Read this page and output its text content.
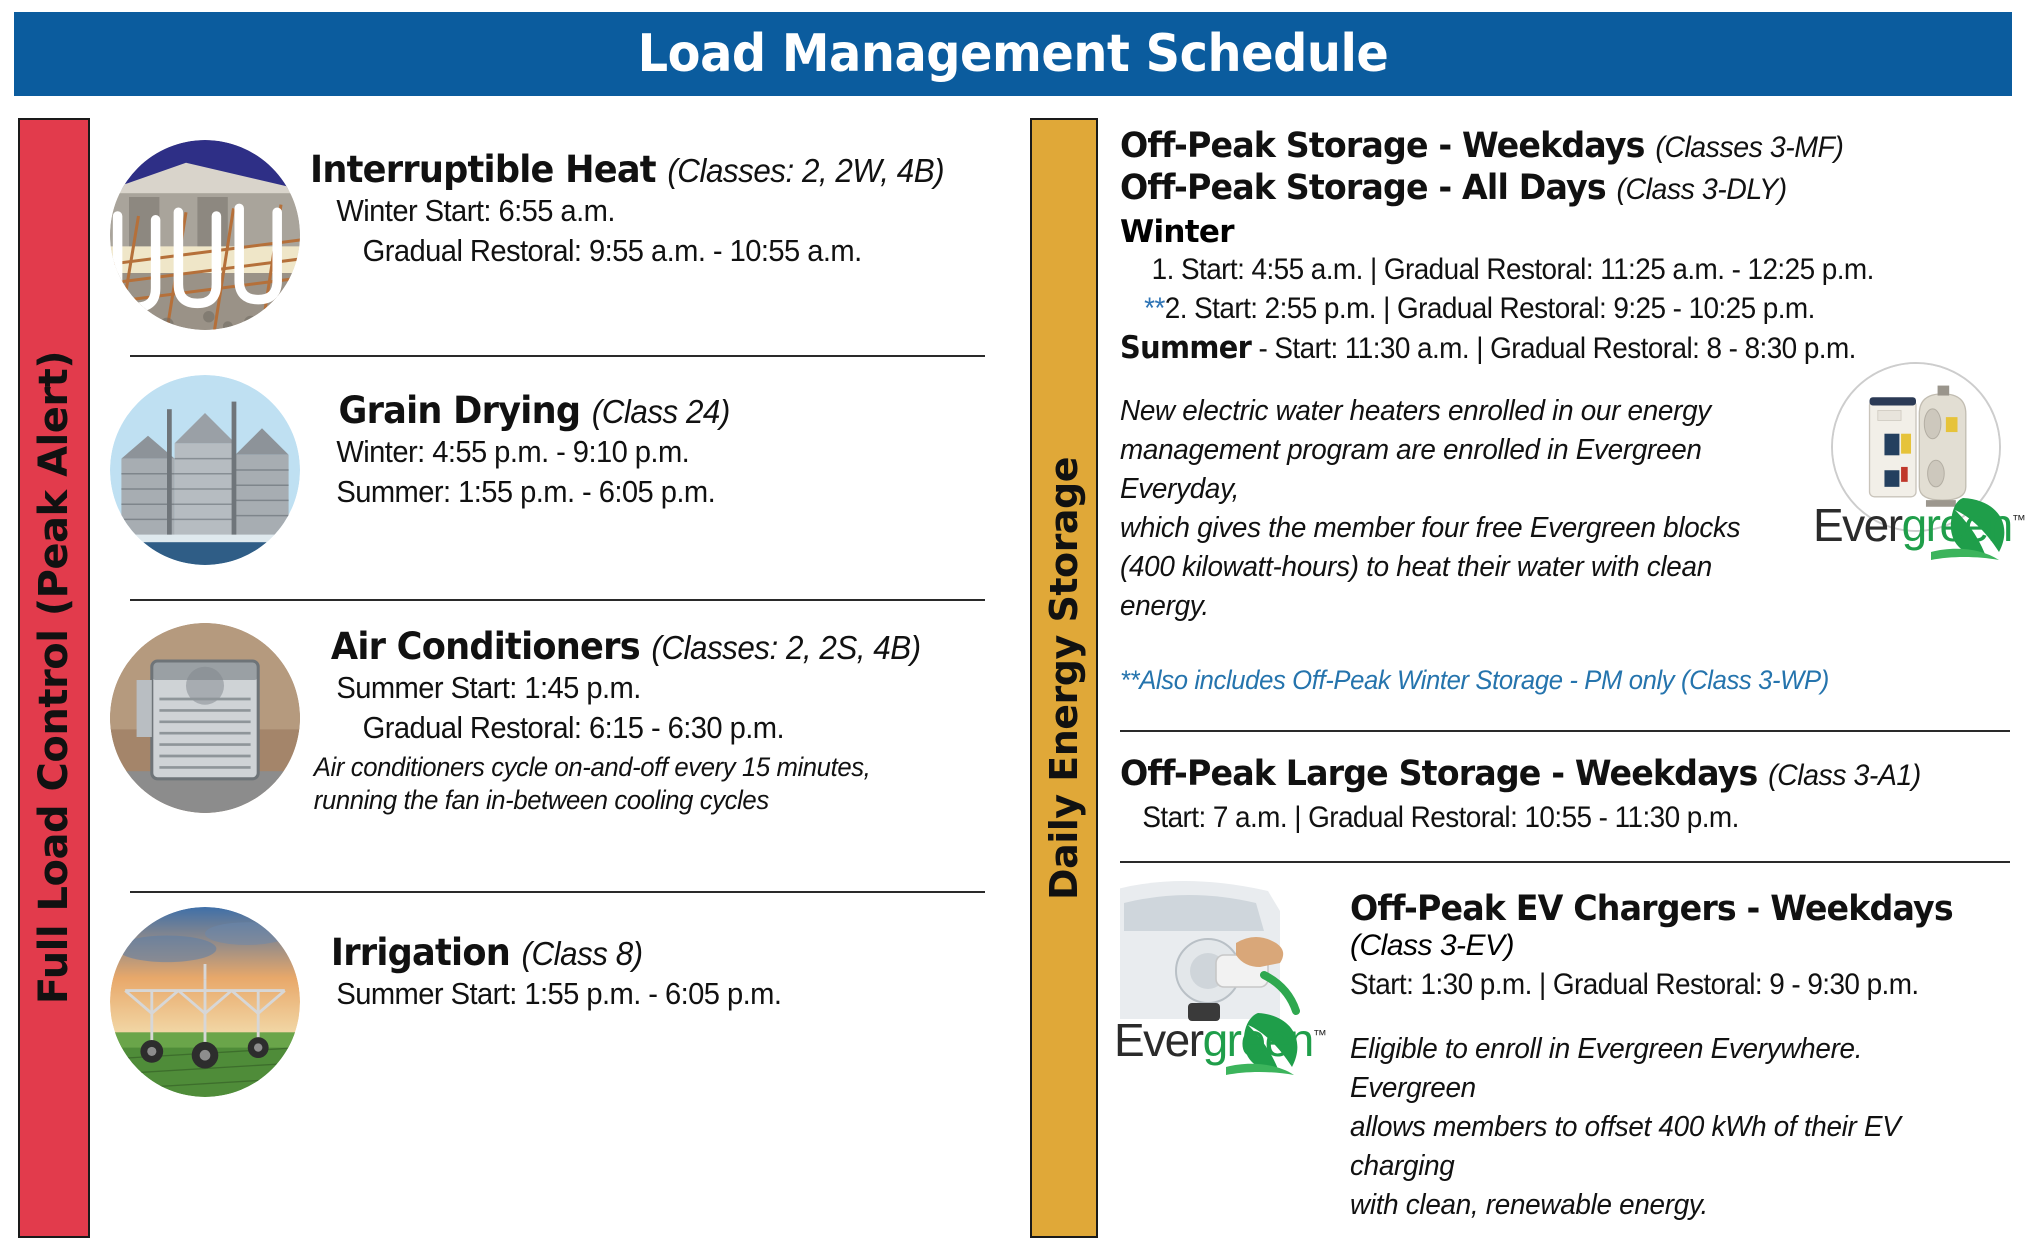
Load Management Schedule
Full Load Control (Peak Alert)	Daily Energy Storage
Interruptible Heat (Classes: 2, 2W, 4B)
Winter Start: 6:55 a.m.
Gradual Restoral: 9:55 a.m. - 10:55 a.m.
Grain Drying (Class 24)
Winter: 4:55 p.m. - 9:10 p.m.
Summer: 1:55 p.m. - 6:05 p.m.
Air Conditioners (Classes: 2, 2S, 4B)
Summer Start: 1:45 p.m.
Gradual Restoral: 6:15 - 6:30 p.m.
Air conditioners cycle on-and-off every 15 minutes,
running the fan in-between cooling cycles
Irrigation (Class 8)
Summer Start: 1:55 p.m. - 6:05 p.m.
Off-Peak Storage - Weekdays (Classes 3-MF)
Off-Peak Storage - All Days (Class 3-DLY)
Winter
1. Start: 4:55 a.m. | Gradual Restoral: 11:25 a.m. - 12:25 p.m.
**2. Start: 2:55 p.m. | Gradual Restoral: 9:25 - 10:25 p.m.
Summer - Start: 11:30 a.m. | Gradual Restoral: 8 - 8:30 p.m.
New electric water heaters enrolled in our energy
management program are enrolled in Evergreen Everyday,
which gives the member four free Evergreen blocks
(400 kilowatt-hours) to heat their water with clean energy.
Evergreen™
**Also includes Off-Peak Winter Storage - PM only (Class 3-WP)
Off-Peak Large Storage - Weekdays (Class 3-A1)
Start: 7 a.m. | Gradual Restoral: 10:55 - 11:30 p.m.
Evergreen™
Off-Peak EV Chargers - Weekdays
(Class 3-EV)
Start: 1:30 p.m. | Gradual Restoral: 9 - 9:30 p.m.
Eligible to enroll in Evergreen Everywhere. Evergreen
allows members to offset 400 kWh of their EV charging
with clean, renewable energy.
